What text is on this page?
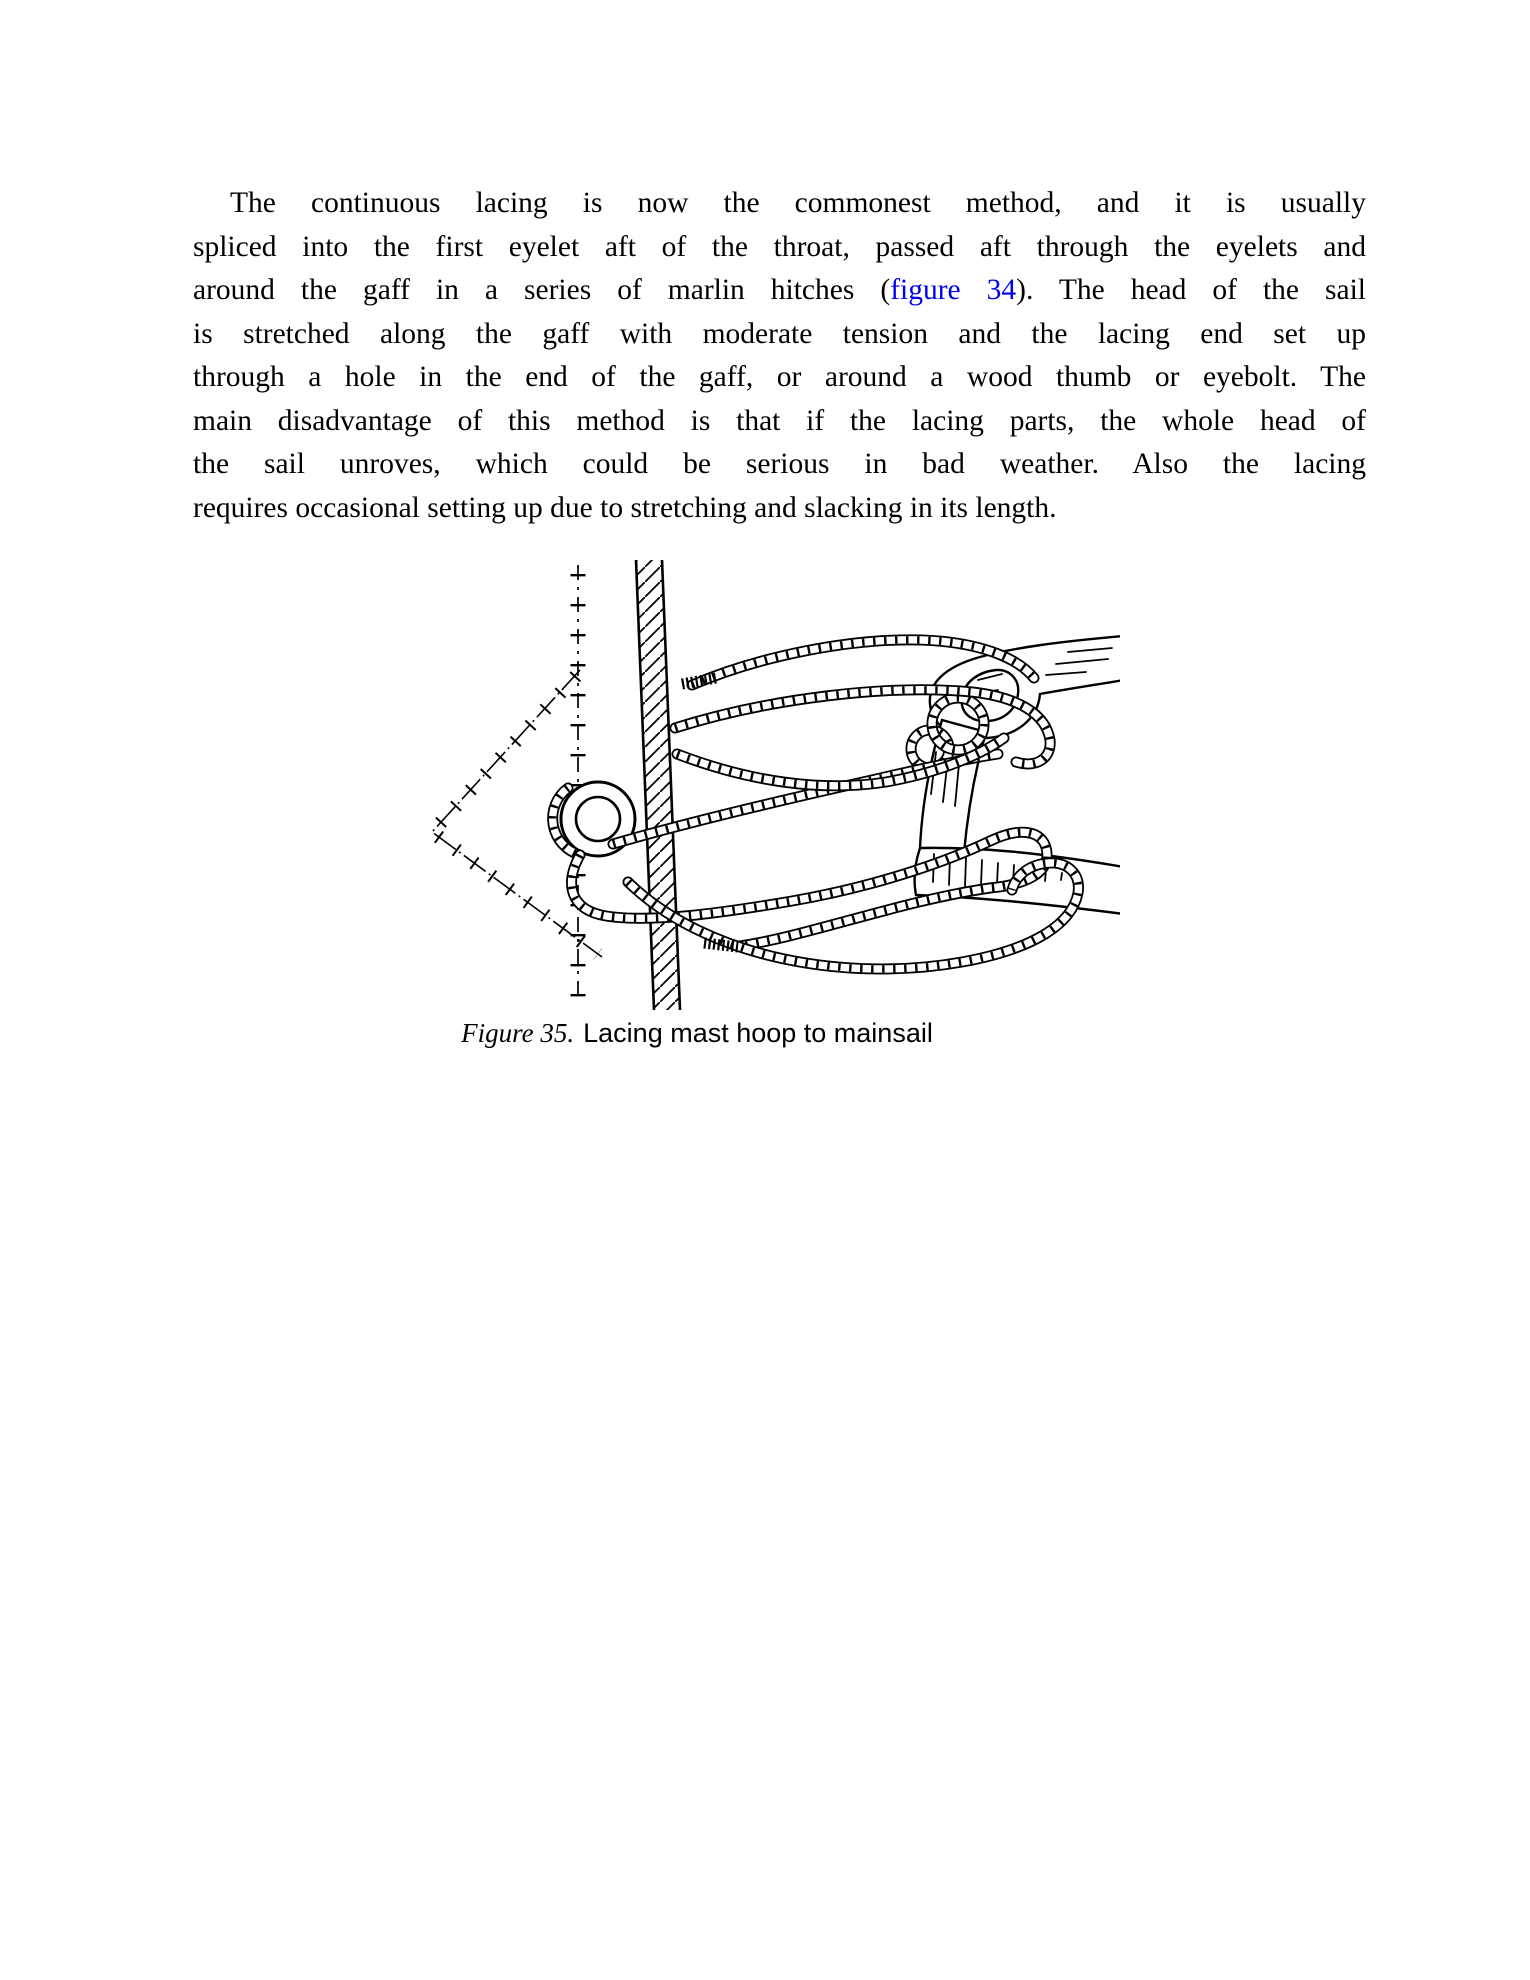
The continuous lacing is now the commonest method, and it is usually
spliced into the first eyelet aft of the throat, passed aft through the eyelets and
around the gaff in a series of marlin hitches (figure 34). The head of the sail
is stretched along the gaff with moderate tension and the lacing end set up
through a hole in the end of the gaff, or around a wood thumb or eyebolt. The
main disadvantage of this method is that if the lacing parts, the whole head of
the sail unroves, which could be serious in bad weather. Also the lacing
requires occasional setting up due to stretching and slacking in its length.
Figure 35. Lacing mast hoop to mainsail
